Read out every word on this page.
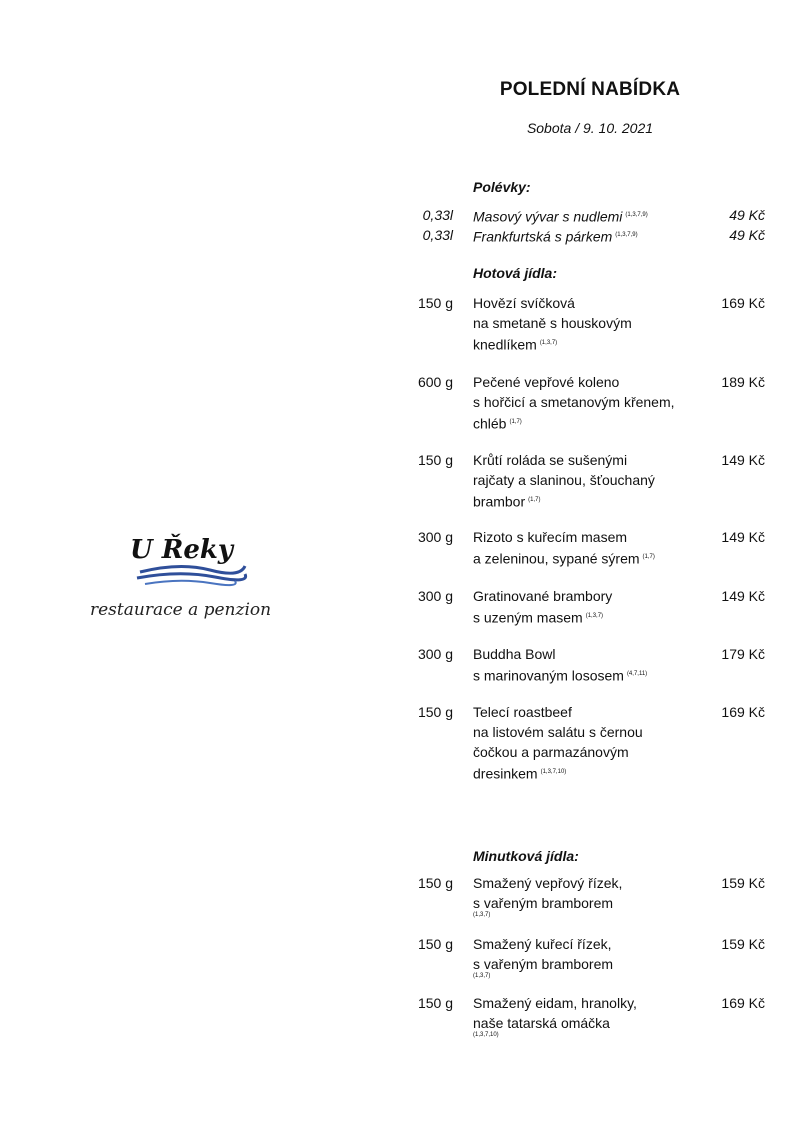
POLEDNÍ NABÍDKA
Sobota / 9. 10. 2021
U Řeky
restaurace a penzion
Polévky:
0,33l Masový vývar s nudlemi $^{(1,3,7,9)}$	49 Kč
0,33l Frankfurtská s párkem $^{(1,3,7,9)}$	49 Kč
Hotová jídla:
150 g Hovězí svíčková
na smetaně s houskovým
knedlíkem $^{(1,3,7)}$
169 Kč
600 g Pečené vepřové koleno
s hořčicí a smetanovým křenem,
chléb $^{(1,7)}$
189 Kč
150 g Krůtí roláda se sušenými
rajčaty a slaninou, šťouchaný
brambor $^{(1,7)}$
149 Kč
300 g Rizoto s kuřecím masem
a zeleninou, sypané sýrem $^{(1,7)}$
149 Kč
300 g Gratinované brambory
s uzeným masem $^{(1,3,7)}$
149 Kč
300 g Buddha Bowl
s marinovaným lososem $^{(4,7,11)}$
179 Kč
150 g Telecí roastbeef
na listovém salátu s černou
čočkou a parmazánovým
dresinkem $^{(1,3,7,10)}$
169 Kč
Minutková jídla:
150 g Smažený vepřový řízek,
s vařeným bramborem
(1,3,7)
159 Kč
150 g Smažený kuřecí řízek,
s vařeným bramborem
(1,3,7)
159 Kč
150 g Smažený eidam, hranolky,
naše tatarská omáčka
(1,3,7,10)
169 Kč
